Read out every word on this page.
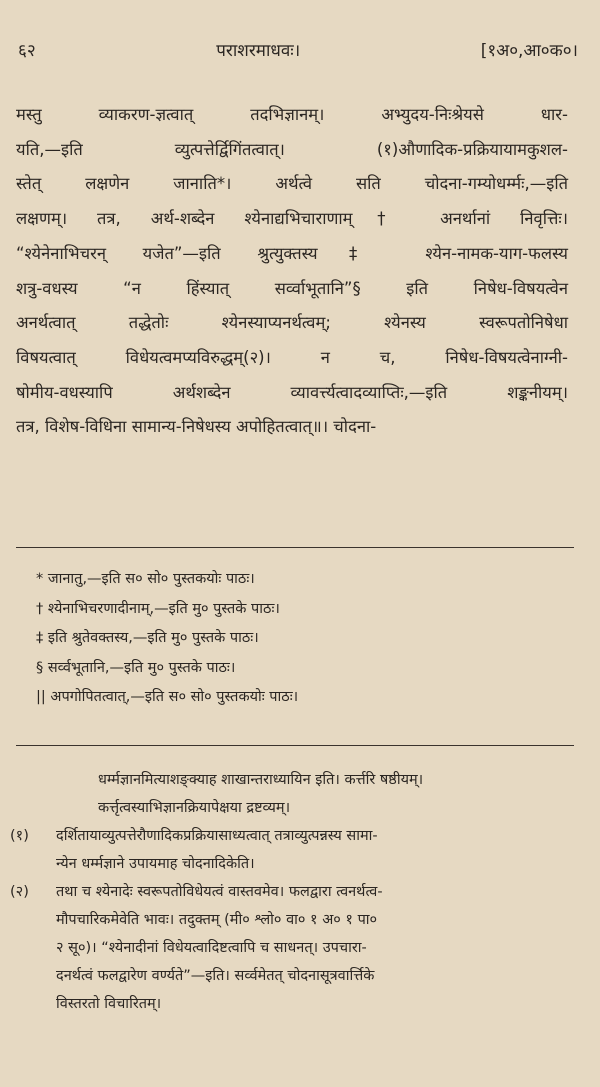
६२	पराशरमाधवः।	[१अ०,आ०क०।

मस्तु व्याकरण-ज्ञत्वात् तदभिज्ञानम्। अभ्युदय-निःश्रेयसे धार-

यति,—इति व्युत्पत्तेर्द्विगिंतत्वात्। (१)औणादिक-प्रक्रियायामकुशल-

स्तेत् लक्षणेन जानाति*। अर्थत्वे सति चोदना-गम्योधर्म्मः,—इति

लक्षणम्। तत्र, अर्थ-शब्देन श्येनाद्यभिचाराणाम्† अनर्थानां निवृत्तिः।

“श्येनेनाभिचरन् यजेत”—इति श्रुत्युक्तस्य‡ श्येन-नामक-याग-फलस्य

शत्रु-वधस्य “न हिंस्यात् सर्व्वाभूतानि”§ इति निषेध-विषयत्वेन

अनर्थत्वात् तद्धेतोः श्येनस्याप्यनर्थत्वम्; श्येनस्य स्वरूपतोनिषेधा

विषयत्वात् विधेयत्वमप्यविरुद्धम्(२)। न च, निषेध-विषयत्वेनाग्नी-

षोमीय-वधस्यापि अर्थशब्देन व्यावर्त्त्यत्वादव्याप्तिः,—इति शङ्कनीयम्।

तत्र, विशेष-विधिना सामान्य-निषेधस्य अपोहितत्वात्॥। चोदना-

* जानातु,—इति स० सो० पुस्तकयोः पाठः।

† श्येनाभिचरणादीनाम्,—इति मु० पुस्तके पाठः।

‡ इति श्रुतेवक्तस्य,—इति मु० पुस्तके पाठः।

§ सर्व्वभूतानि,—इति मु० पुस्तके पाठः।

|| अपगोपितत्वात्,—इति स० सो० पुस्तकयोः पाठः।

धर्म्मज्ञानमित्याशङ्क्याह शाखान्तराध्यायिन इति। कर्त्तरि षष्ठीयम्।
कर्त्तृत्वस्याभिज्ञानक्रियापेक्षया द्रष्टव्यम्।
(१)	दर्शितायाव्युत्पत्तेरौणादिकप्रक्रियासाध्यत्वात् तत्राव्युत्पन्नस्य सामा-
न्येन धर्म्मज्ञाने उपायमाह चोदनादिकेति।
(२)	तथा च श्येनादेः स्वरूपतोविधेयत्वं वास्तवमेव। फलद्वारा त्वनर्थत्व-
मौपचारिकमेवेति भावः। तदुक्तम् (मी० श्लो० वा० १ अ० १ पा०
२ सू०)। “श्येनादीनां विधेयत्वादिष्टत्वापि च साधनत्। उपचारा-
दनर्थत्वं फलद्वारेण वर्ण्यते”—इति। सर्व्वमेतत् चोदनासूत्रवार्त्तिके
विस्तरतो विचारितम्।
